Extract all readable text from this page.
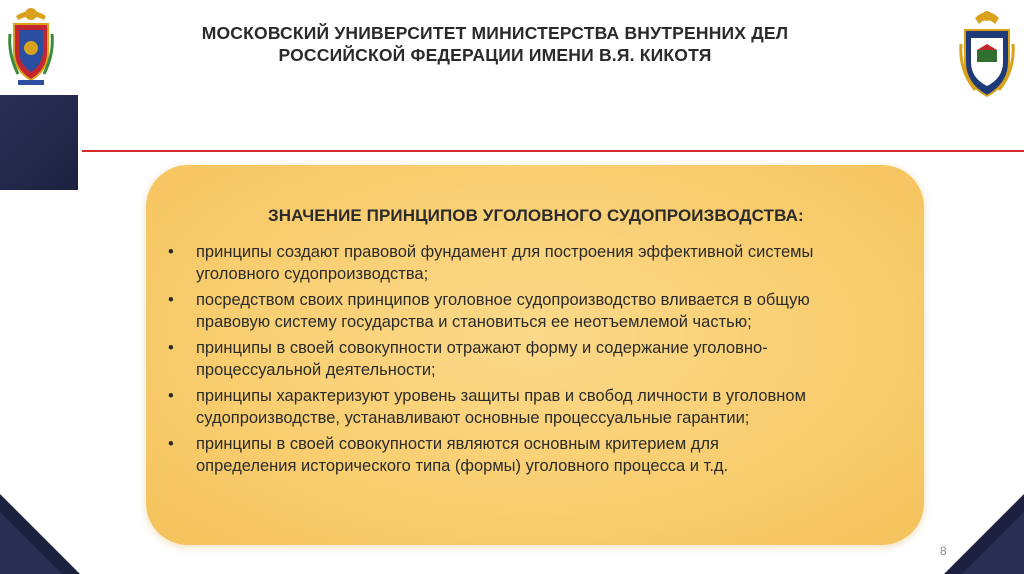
МОСКОВСКИЙ УНИВЕРСИТЕТ МИНИСТЕРСТВА ВНУТРЕННИХ ДЕЛ
РОССИЙСКОЙ ФЕДЕРАЦИИ ИМЕНИ В.Я. КИКОТЯ
ЗНАЧЕНИЕ ПРИНЦИПОВ УГОЛОВНОГО СУДОПРОИЗВОДСТВА:
• принципы создают правовой фундамент для построения эффективной системы
уголовного судопроизводства;
• посредством своих принципов уголовное судопроизводство вливается в общую
правовую систему государства и становиться ее неотъемлемой частью;
• принципы в своей совокупности отражают форму и содержание уголовно-
процессуальной деятельности;
• принципы характеризуют уровень защиты прав и свобод личности в уголовном
судопроизводстве, устанавливают основные процессуальные гарантии;
• принципы в своей совокупности являются основным критерием для
определения исторического типа (формы) уголовного процесса и т.д.
8
